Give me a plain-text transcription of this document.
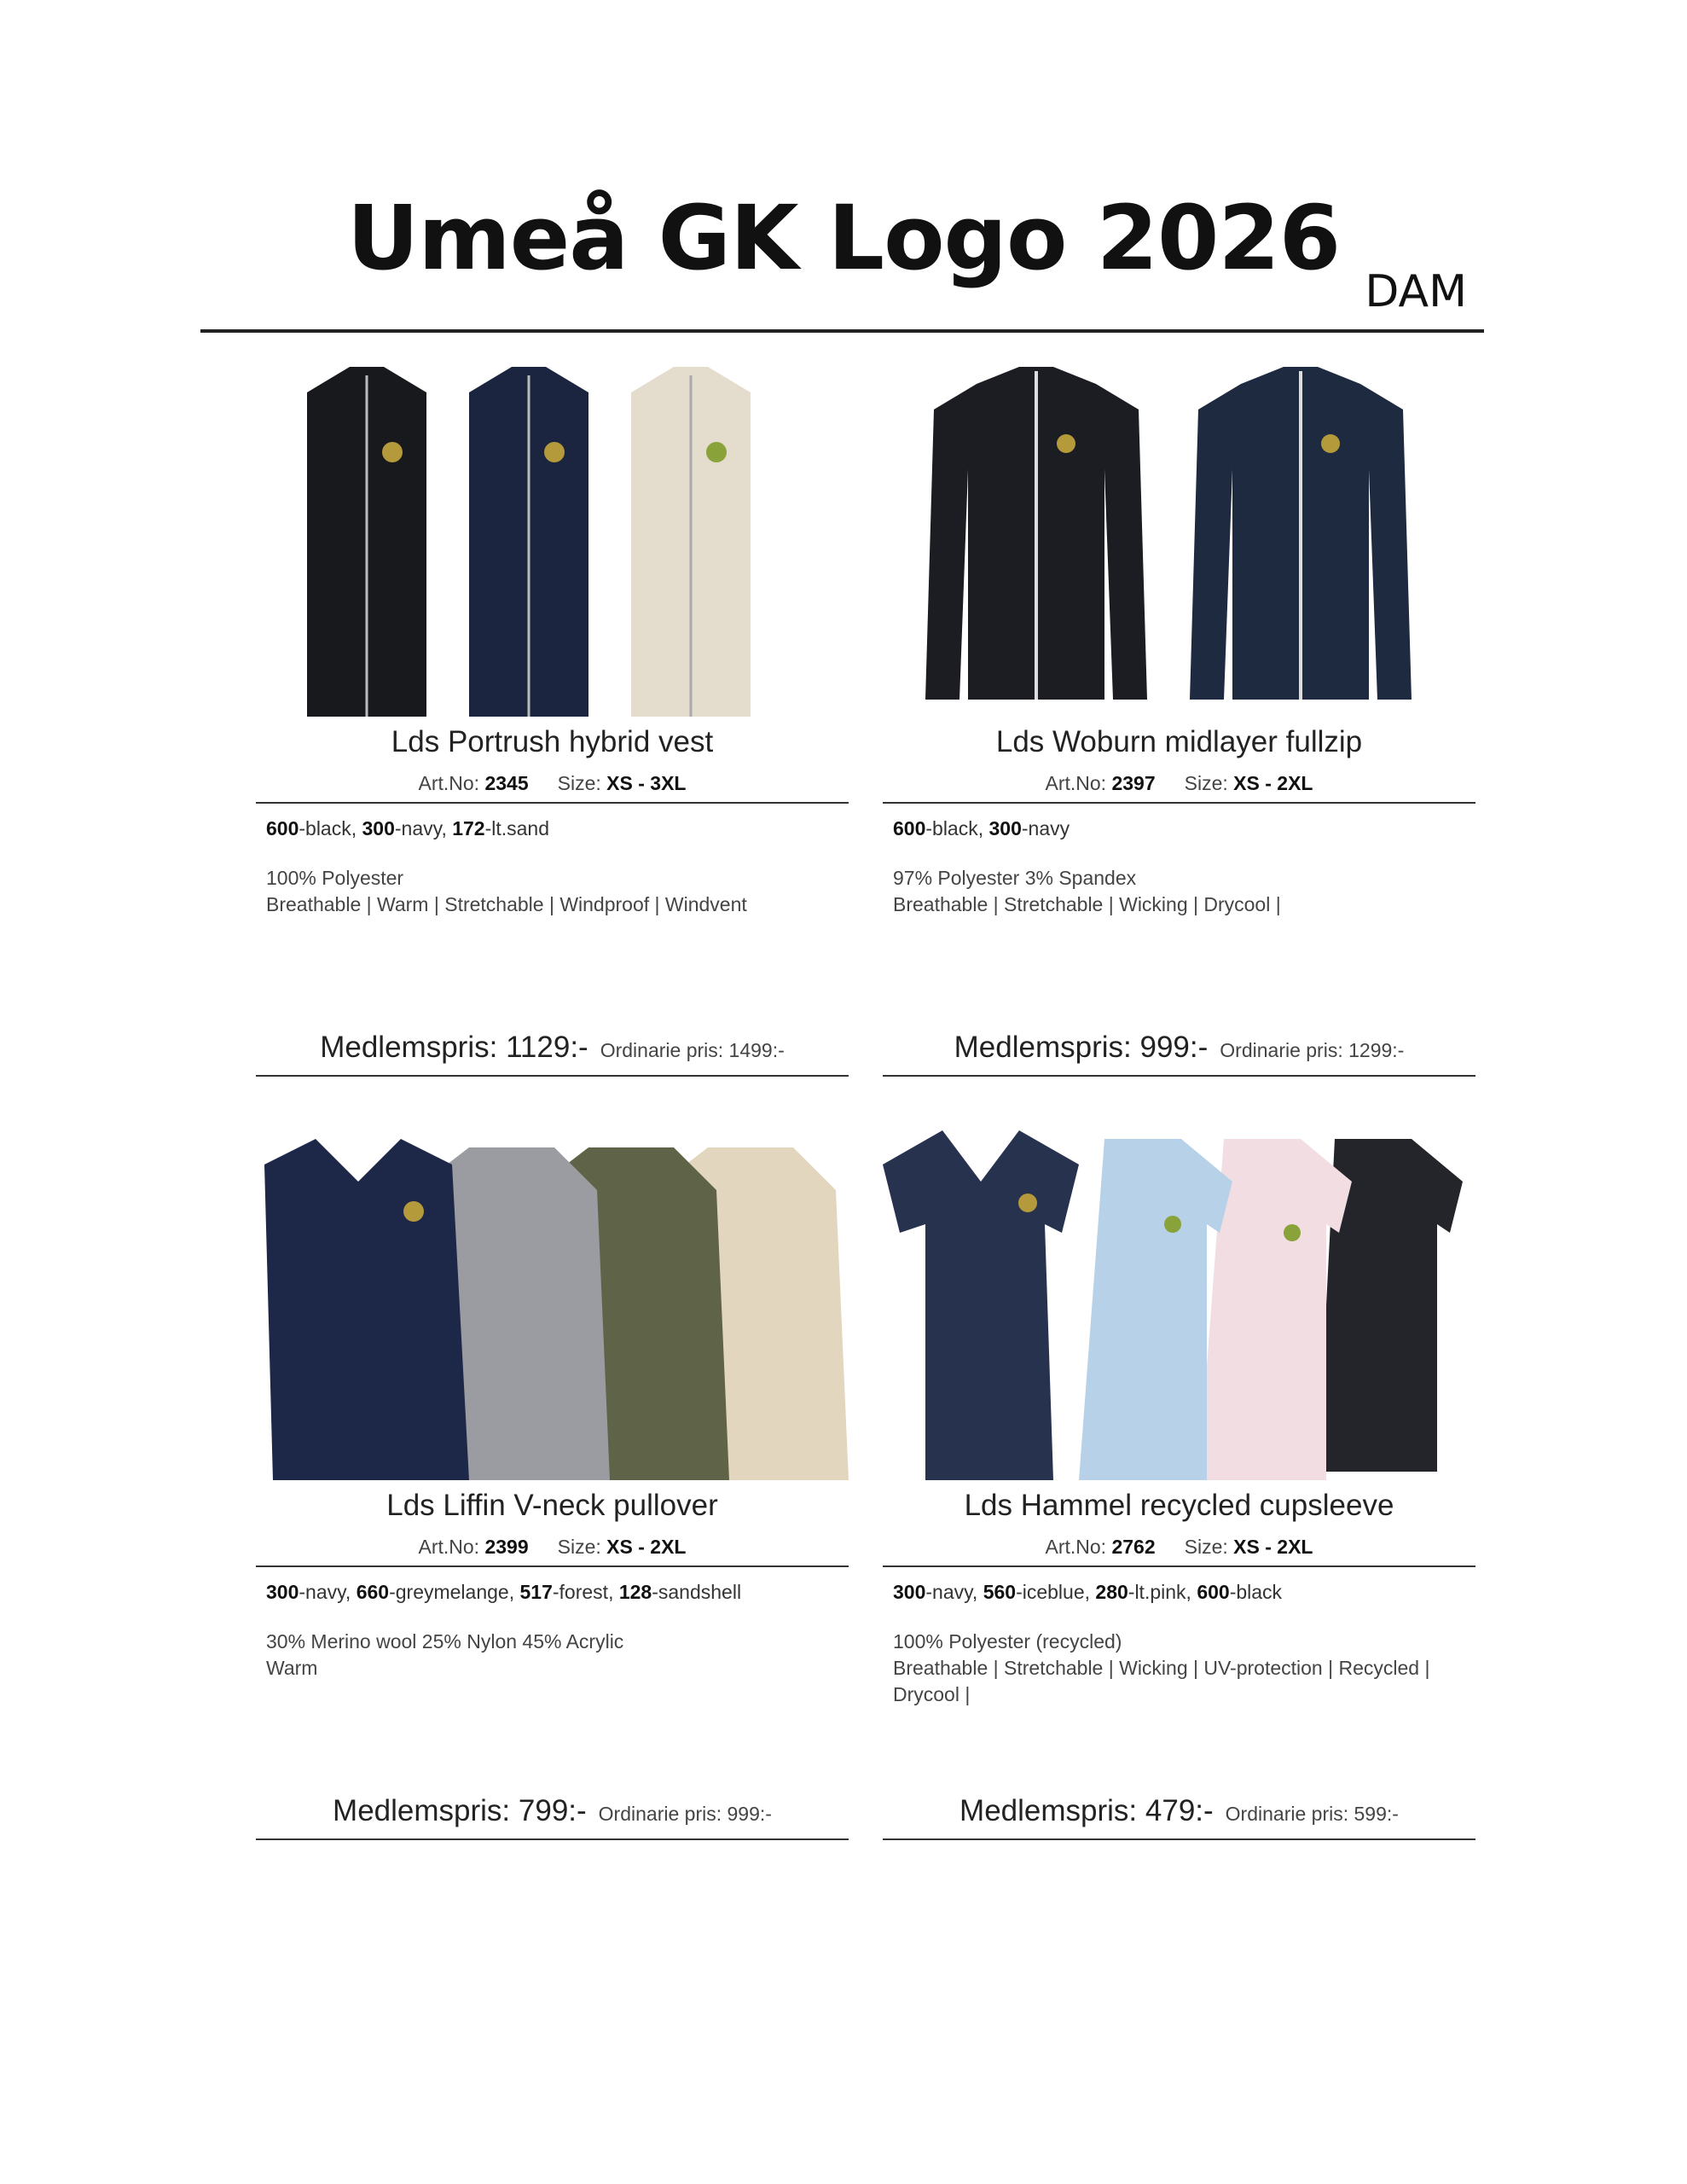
Umeå GK Logo 2026
DAM
Lds Portrush hybrid vest
Art.No: 2345 Size: XS - 3XL
600-black, 300-navy, 172-lt.sand
100% Polyester
Breathable | Warm | Stretchable | Windproof | Windvent
Medlemspris: 1129:- Ordinarie pris: 1499:-
Lds Woburn midlayer fullzip
Art.No: 2397 Size: XS - 2XL
600-black, 300-navy
97% Polyester 3% Spandex
Breathable | Stretchable | Wicking | Drycool |
Medlemspris: 999:- Ordinarie pris: 1299:-
Lds Liffin V-neck pullover
Art.No: 2399 Size: XS - 2XL
300-navy, 660-greymelange, 517-forest, 128-sandshell
30% Merino wool 25% Nylon 45% Acrylic
Warm
Medlemspris: 799:- Ordinarie pris: 999:-
Lds Hammel recycled cupsleeve
Art.No: 2762 Size: XS - 2XL
300-navy, 560-iceblue, 280-lt.pink, 600-black
100% Polyester (recycled)
Breathable | Stretchable | Wicking | UV-protection | Recycled | Drycool |
Medlemspris: 479:- Ordinarie pris: 599:-
